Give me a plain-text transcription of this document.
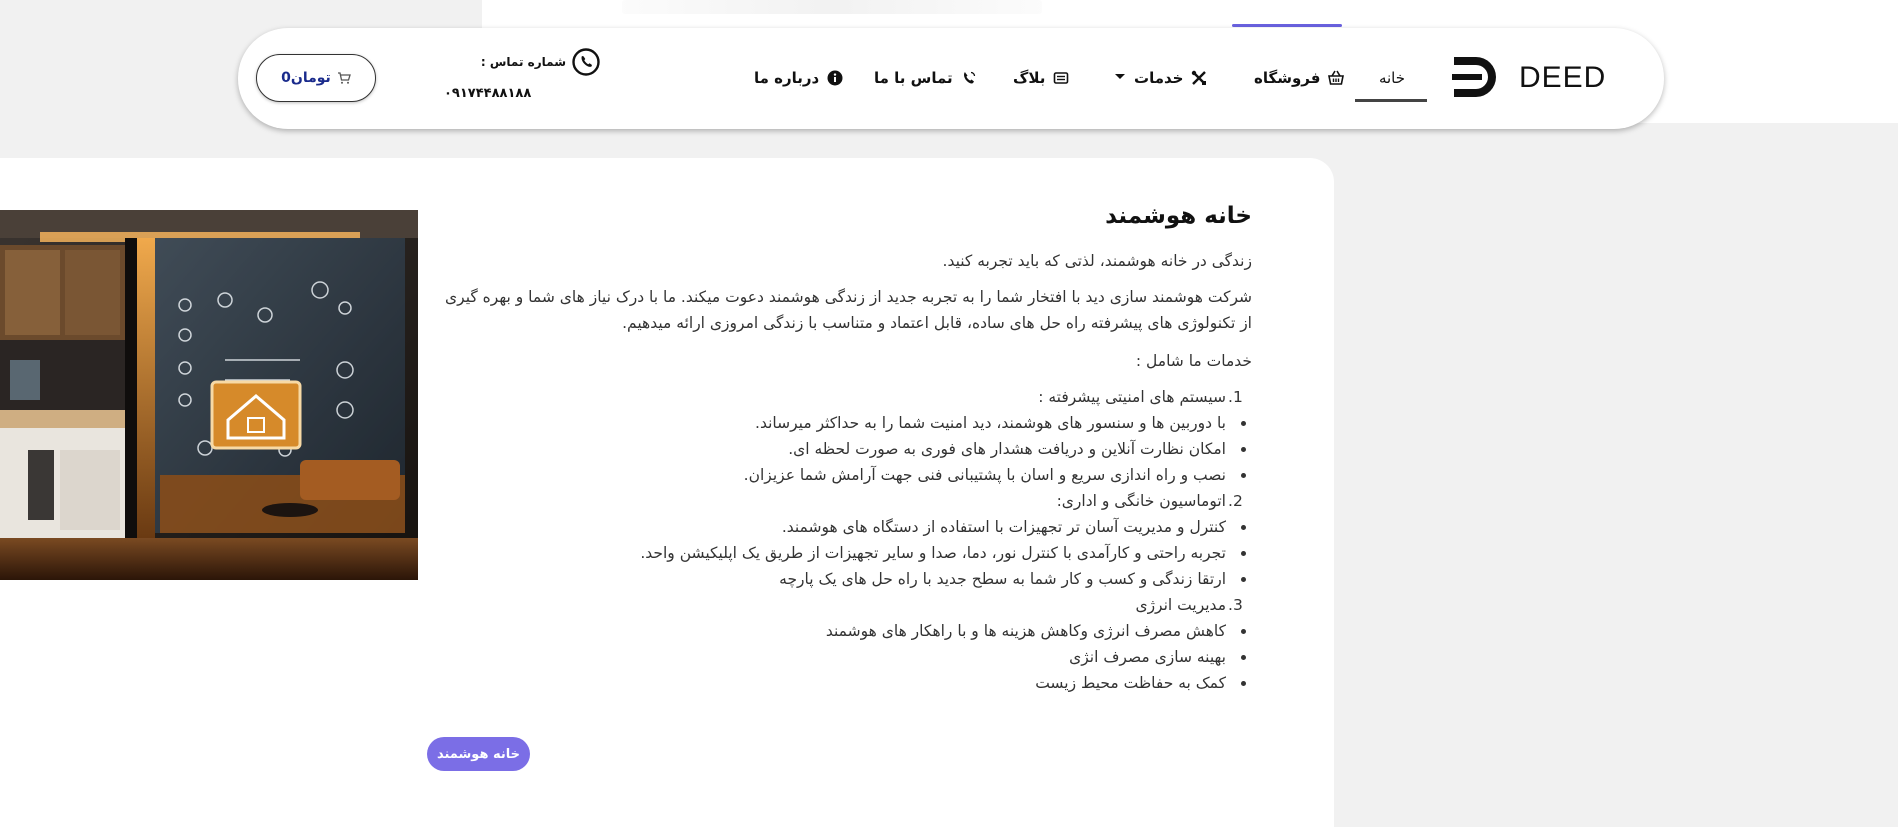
DEED
خانه
فروشگاه
خدمات
بلاگ
تماس با ما
درباره ما
شماره تماس :
۰۹۱۷۴۴۸۸۱۸۸
0تومان
خانه هوشمند

زندگی در خانه هوشمند، لذتی که باید تجربه کنید.

شرکت هوشمند سازی دید با افتخار شما را به تجربه جدید از زندگی هوشمند دعوت میکند. ما با درک نیاز های شما و بهره گیری از تکنولوژی های پیشرفته راه حل های ساده، قابل اعتماد و متناسب با زندگی امروزی ارائه میدهیم.

خدمات ما شامل :

1.
سیستم های امنیتی پیشرفته :
با دوربین ها و سنسور های هوشمند، دید امنیت شما را به حداکثر میرساند.
امکان نظارت آنلاین و دریافت هشدار های فوری به صورت لحظه ای.
نصب و راه اندازی سریع و اسان با پشتیبانی فنی جهت آرامش شما عزیزان.
2.
اتوماسیون خانگی و اداری:
کنترل و مدیریت آسان تر تجهیزات با استفاده از دستگاه های هوشمند.
تجربه راحتی و کارآمدی با کنترل نور، دما، صدا و سایر تجهیزات از طریق یک اپلیکیشن واحد.
ارتقا زندگی و کسب و کار شما به سطح جدید با راه حل های یک پارچه
3.
مدیریت انرژی
کاهش مصرف انرژی وکاهش هزینه ها و با راهکار های هوشمند
بهینه سازی مصرف انژی
کمک به حفاظت محیط زیست
خانه هوشمند
